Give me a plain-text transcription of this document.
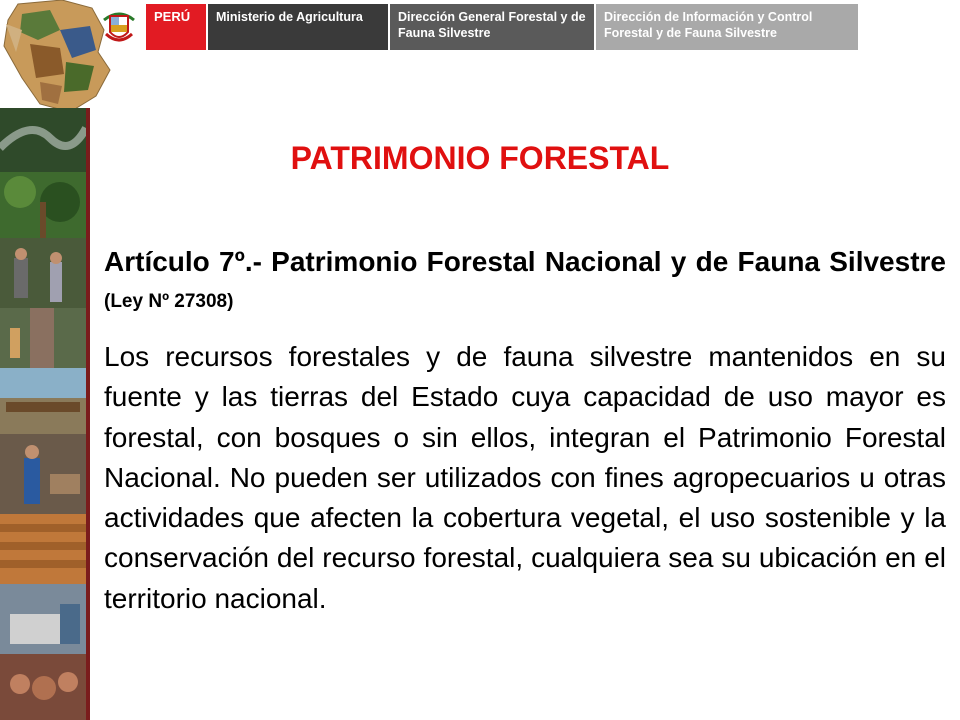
PERÚ	Ministerio de Agricultura	Dirección General Forestal y de Fauna Silvestre
Dirección de Información y Control Forestal y de Fauna Silvestre
PATRIMONIO FORESTAL
Artículo 7º.- Patrimonio Forestal Nacional y de Fauna Silvestre (Ley Nº 27308)
Los recursos forestales y de fauna silvestre mantenidos en su fuente y las tierras del Estado cuya capacidad de uso mayor es forestal, con bosques o sin ellos, integran el Patrimonio Forestal Nacional. No pueden ser utilizados con fines agropecuarios u otras actividades que afecten la cobertura vegetal, el uso sostenible y la conservación del recurso forestal, cualquiera sea su ubicación en el territorio nacional.
